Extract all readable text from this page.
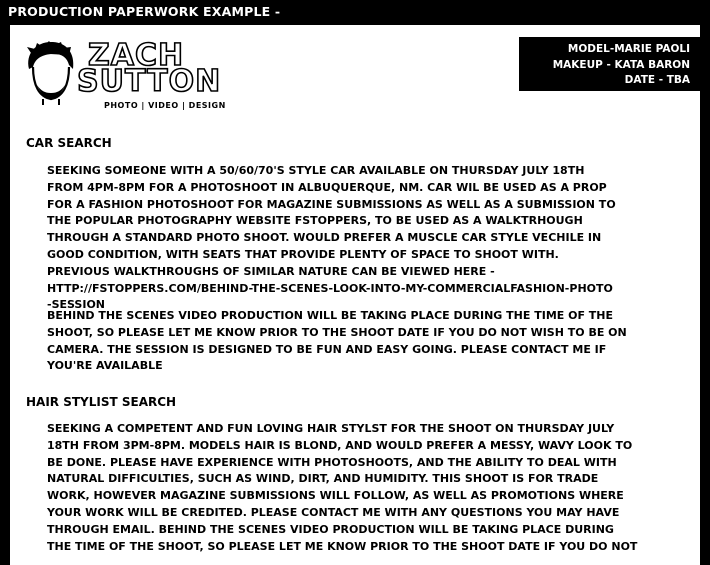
PRODUCTION PAPERWORK EXAMPLE -
ZACH
SUTTON
PHOTO | VIDEO | DESIGN
MODEL-MARIE PAOLI
MAKEUP - KATA BARON
DATE - TBA
CAR SEARCH
SEEKING SOMEONE WITH A 50/60/70'S STYLE CAR AVAILABLE ON THURSDAY JULY 18TH
FROM 4PM-8PM FOR A PHOTOSHOOT IN ALBUQUERQUE, NM. CAR WIL BE USED AS A PROP
FOR A FASHION PHOTOSHOOT FOR MAGAZINE SUBMISSIONS AS WELL AS A SUBMISSION TO
THE POPULAR PHOTOGRAPHY WEBSITE FSTOPPERS, TO BE USED AS A WALKTRHOUGH
THROUGH A STANDARD PHOTO SHOOT. WOULD PREFER A MUSCLE CAR STYLE VECHILE IN
GOOD CONDITION, WITH SEATS THAT PROVIDE PLENTY OF SPACE TO SHOOT WITH.
PREVIOUS WALKTHROUGHS OF SIMILAR NATURE CAN BE VIEWED HERE -
HTTP://FSTOPPERS.COM/BEHIND-THE-SCENES-LOOK-INTO-MY-COMMERCIALFASHION-PHOTO
-SESSION
BEHIND THE SCENES VIDEO PRODUCTION WILL BE TAKING PLACE DURING THE TIME OF THE
SHOOT, SO PLEASE LET ME KNOW PRIOR TO THE SHOOT DATE IF YOU DO NOT WISH TO BE ON
CAMERA. THE SESSION IS DESIGNED TO BE FUN AND EASY GOING. PLEASE CONTACT ME IF
YOU'RE AVAILABLE
HAIR STYLIST SEARCH
SEEKING A COMPETENT AND FUN LOVING HAIR STYLST FOR THE SHOOT ON THURSDAY JULY
18TH FROM 3PM-8PM. MODELS HAIR IS BLOND, AND WOULD PREFER A MESSY, WAVY LOOK TO
BE DONE. PLEASE HAVE EXPERIENCE WITH PHOTOSHOOTS, AND THE ABILITY TO DEAL WITH
NATURAL DIFFICULTIES, SUCH AS WIND, DIRT, AND HUMIDITY. THIS SHOOT IS FOR TRADE
WORK, HOWEVER MAGAZINE SUBMISSIONS WILL FOLLOW, AS WELL AS PROMOTIONS WHERE
YOUR WORK WILL BE CREDITED. PLEASE CONTACT ME WITH ANY QUESTIONS YOU MAY HAVE
THROUGH EMAIL. BEHIND THE SCENES VIDEO PRODUCTION WILL BE TAKING PLACE DURING
THE TIME OF THE SHOOT, SO PLEASE LET ME KNOW PRIOR TO THE SHOOT DATE IF YOU DO NOT
